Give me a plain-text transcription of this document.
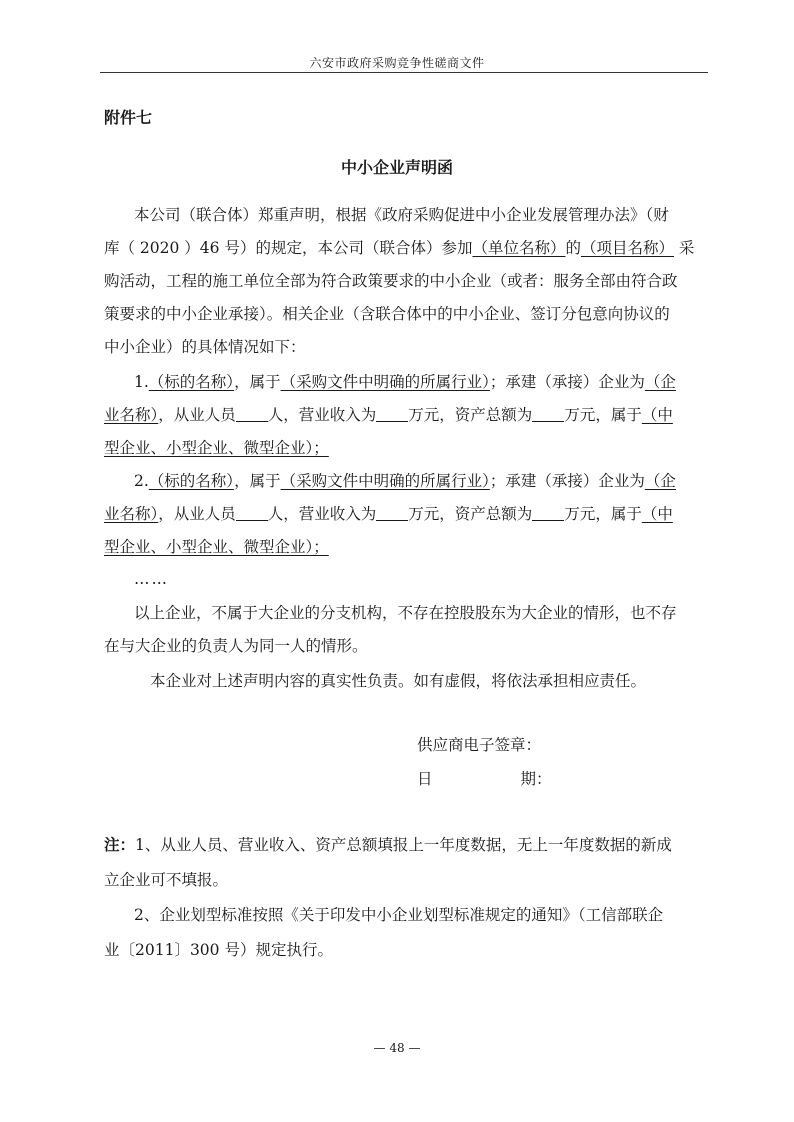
六安市政府采购竞争性磋商文件
附件七
中小企业声明函
本公司（联合体）郑重声明，根据《政府采购促进中小企业发展管理办法》（财
库（ 2020 ）46 号）的规定，本公司（联合体）参加（单位名称）的（项目名称） 采
购活动，工程的施工单位全部为符合政策要求的中小企业（或者：服务全部由符合政
策要求的中小企业承接）。相关企业（含联合体中的中小企业、签订分包意向协议的
中小企业）的具体情况如下：
1.（标的名称），属于（采购文件中明确的所属行业）；承建（承接）企业为（企
业名称），从业人员 人，营业收入为 万元，资产总额为 万元，属于（中
型企业、小型企业、微型企业）；
2.（标的名称），属于（采购文件中明确的所属行业）；承建（承接）企业为（企
业名称），从业人员 人，营业收入为 万元，资产总额为 万元，属于（中
型企业、小型企业、微型企业）；
……
以上企业，不属于大企业的分支机构，不存在控股股东为大企业的情形，也不存
在与大企业的负责人为同一人的情形。
本企业对上述声明内容的真实性负责。如有虚假，将依法承担相应责任。
供应商电子签章：
日	期：
注：1、从业人员、营业收入、资产总额填报上一年度数据，无上一年度数据的新成
立企业可不填报。
2、企业划型标准按照《关于印发中小企业划型标准规定的通知》（工信部联企
业〔2011〕300 号）规定执行。
— 48 —
